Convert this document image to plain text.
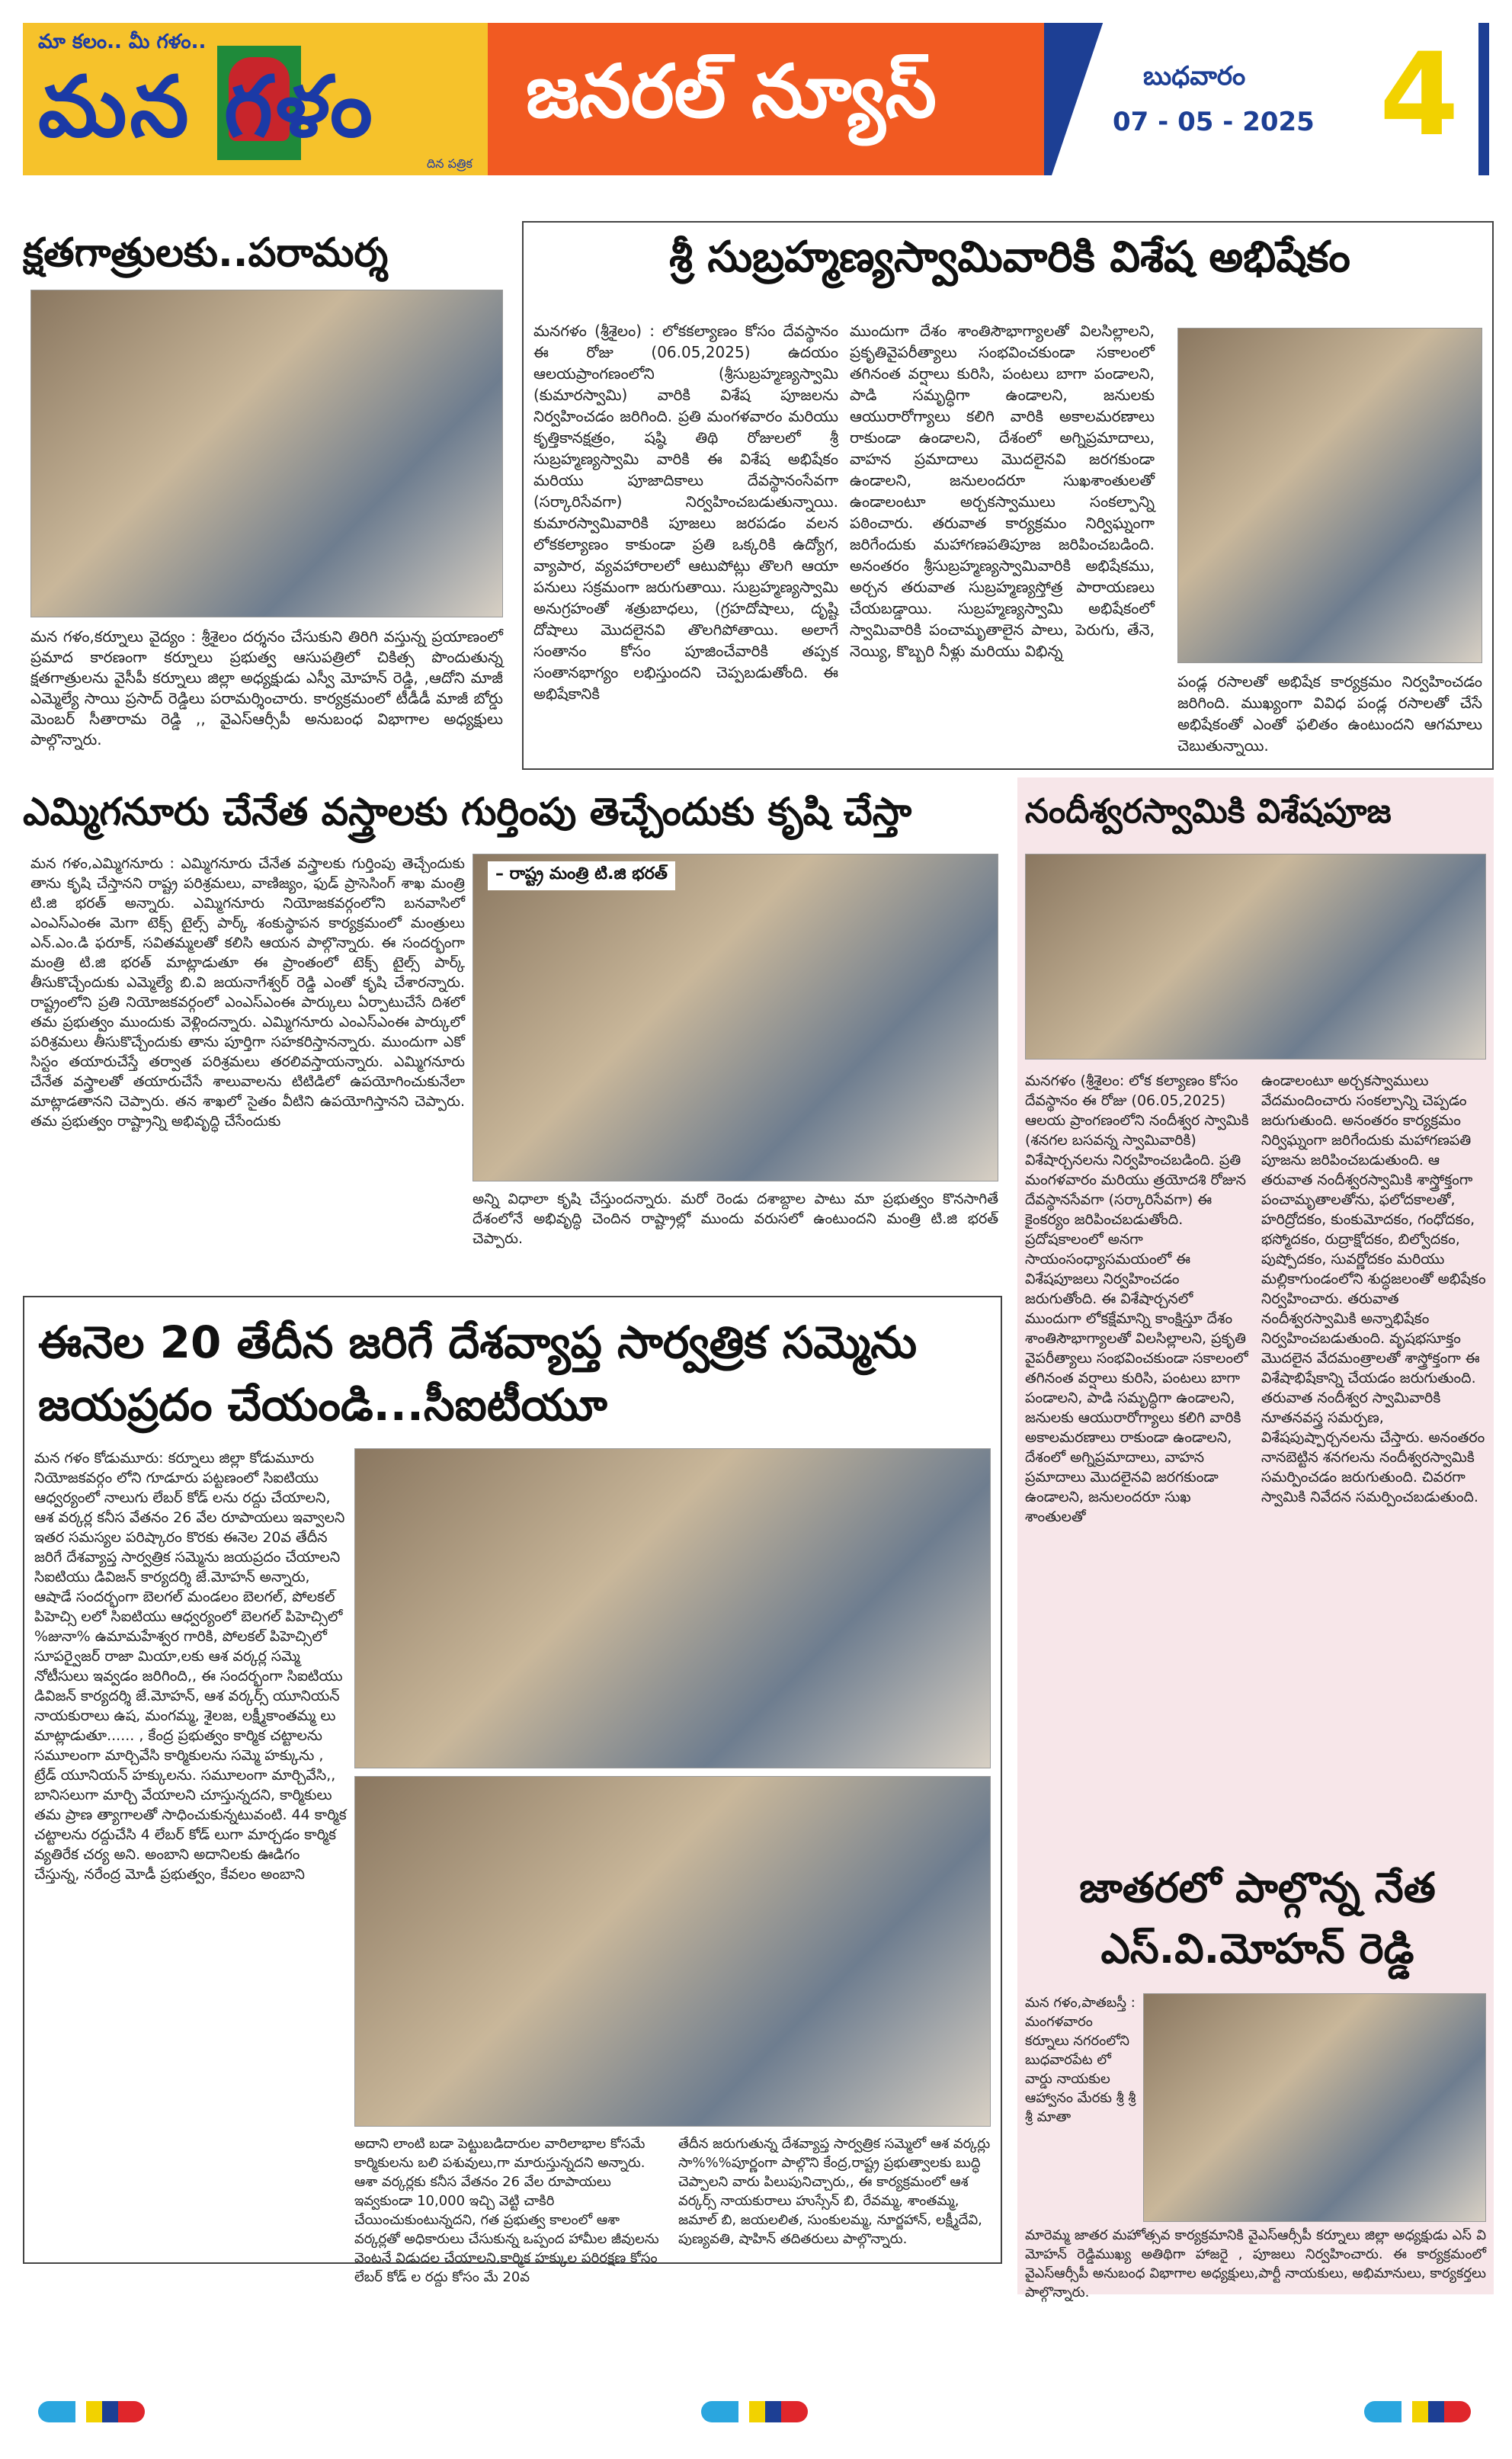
మా కలం.. మీ గళం..
మన గళం
దిన పత్రిక
జనరల్ న్యూస్	బుధవారం
07 - 05 - 2025 4
క్షతగాత్రులకు..పరామర్శ
మన గళం,కర్నూలు వైద్యం : శ్రీశైలం దర్శనం చేసుకుని తిరిగి వస్తున్న ప్రయాణంలో ప్రమాద కారణంగా కర్నూలు ప్రభుత్వ ఆసుపత్రిలో చికిత్స పొందుతున్న క్షతగాత్రులను వైసీపీ కర్నూలు జిల్లా అధ్యక్షుడు ఎస్వీ మోహన్ రెడ్డి, ,ఆదోని మాజీ ఎమ్మెల్యే సాయి ప్రసాద్ రెడ్డిలు పరామర్శించారు. కార్యక్రమంలో టీడీడీ మాజీ బోర్డు మెంబర్ సీతారామ రెడ్డి ,, వైఎస్ఆర్సీపీ అనుబంధ విభాగాల అధ్యక్షులు పాల్గొన్నారు.
శ్రీ సుబ్రహ్మణ్యస్వామివారికి విశేష అభిషేకం
మనగళం (శ్రీశైలం) : లోకకల్యాణం కోసం దేవస్థానం ఈ రోజు (06.05,2025) ఉదయం ఆలయప్రాంగణంలోని (శ్రీసుబ్రహ్మణ్యస్వామి (కుమారస్వామి) వారికి విశేష పూజలను నిర్వహించడం జరిగింది. ప్రతి మంగళవారం మరియు కృత్తికానక్షత్రం, షష్ఠి తిథి రోజులలో శ్రీ సుబ్రహ్మణ్యస్వామి వారికి ఈ విశేష అభిషేకం మరియు పూజాదికాలు దేవస్థానంసేవగా (సర్కారిసేవగా) నిర్వహించబడుతున్నాయి. కుమారస్వామివారికి పూజలు జరపడం వలన లోకకల్యాణం కాకుండా ప్రతి ఒక్కరికి ఉద్యోగ, వ్యాపార, వ్యవహారాలలో ఆటుపోట్లు తొలగి ఆయా పనులు సక్రమంగా జరుగుతాయి. సుబ్రహ్మణ్యస్వామి అనుగ్రహంతో శత్రుబాధలు, (గ్రహదోషాలు, దృష్టి దోషాలు మొదలైనవి తొలగిపోతాయి. అలాగే సంతానం కోసం పూజించేవారికి తప్పక సంతానభాగ్యం లభిస్తుందని చెప్పబడుతోంది. ఈ అభిషేకానికి
ముందుగా దేశం శాంతిసౌభాగ్యాలతో విలసిల్లాలని, ప్రకృతివైపరీత్యాలు సంభవించకుండా సకాలంలో తగినంత వర్షాలు కురిసి, పంటలు బాగా పండాలని, పాడి సమృద్ధిగా ఉండాలని, జనులకు ఆయురారోగ్యాలు కలిగి వారికి అకాలమరణాలు రాకుండా ఉండాలని, దేశంలో అగ్నిప్రమాదాలు, వాహన ప్రమాదాలు మొదలైనవి జరగకుండా ఉండాలని, జనులందరూ సుఖశాంతులతో ఉండాలంటూ అర్చకస్వాములు సంకల్పాన్ని పఠించారు. తరువాత కార్యక్రమం నిర్విఘ్నంగా జరిగేందుకు మహాగణపతిపూజ జరిపించబడింది. అనంతరం శ్రీసుబ్రహ్మణ్యస్వామివారికి అభిషేకము, అర్చన తరువాత సుబ్రహ్మణ్యస్తోత్ర పారాయణలు చేయబడ్డాయి. సుబ్రహ్మణ్యస్వామి అభిషేకంలో స్వామివారికి పంచామృతాలైన పాలు, పెరుగు, తేనె, నెయ్యి, కొబ్బరి నీళ్లు మరియు విభిన్న
పండ్ల రసాలతో అభిషేక కార్యక్రమం నిర్వహించడం జరిగింది. ముఖ్యంగా వివిధ పండ్ల రసాలతో చేసే అభిషేకంతో ఎంతో ఫలితం ఉంటుందని ఆగమాలు చెబుతున్నాయి.
ఎమ్మిగనూరు చేనేత వస్త్రాలకు గుర్తింపు తెచ్చేందుకు కృషి చేస్తా
మన గళం,ఎమ్మిగనూరు : ఎమ్మిగనూరు చేనేత వస్త్రాలకు గుర్తింపు తెచ్చేందుకు తాను కృషి చేస్తానని రాష్ట్ర పరిశ్రమలు, వాణిజ్యం, ఫుడ్ ప్రాసెసింగ్ శాఖ మంత్రి టి.జి భరత్ అన్నారు. ఎమ్మిగనూరు నియోజకవర్గంలోని బనవాసిలో ఎంఎస్ఎంఈ మెగా టెక్స్ టైల్స్ పార్క్ శంకుస్థాపన కార్యక్రమంలో మంత్రులు ఎన్.ఎం.డి ఫరూక్, సవితమ్మలతో కలిసి ఆయన పాల్గొన్నారు. ఈ సందర్భంగా మంత్రి టి.జి భరత్ మాట్లాడుతూ ఈ ప్రాంతంలో టెక్స్ టైల్స్ పార్క్ తీసుకొచ్చేందుకు ఎమ్మెల్యే బి.వి జయనాగేశ్వర్ రెడ్డి ఎంతో కృషి చేశారన్నారు. రాష్ట్రంలోని ప్రతి నియోజకవర్గంలో ఎంఎస్ఎంఈ పార్కులు ఏర్పాటుచేసే దిశలో తమ ప్రభుత్వం ముందుకు వెళ్లిందన్నారు. ఎమ్మిగనూరు ఎంఎస్ఎంఈ పార్కులో పరిశ్రమలు తీసుకొచ్చేందుకు తాను పూర్తిగా సహకరిస్తానన్నారు. ముందుగా ఎకో సిస్టం తయారుచేస్తే తర్వాత పరిశ్రమలు తరలివస్తాయన్నారు. ఎమ్మిగనూరు చేనేత వస్త్రాలతో తయారుచేసే శాలువాలను టిటిడిలో ఉపయోగించుకునేలా మాట్లాడతానని చెప్పారు. తన శాఖలో సైతం వీటిని ఉపయోగిస్తానని చెప్పారు. తమ ప్రభుత్వం రాష్ట్రాన్ని అభివృద్ధి చేసేందుకు
– రాష్ట్ర మంత్రి టి.జి భరత్
అన్ని విధాలా కృషి చేస్తుందన్నారు. మరో రెండు దశాబ్దాల పాటు మా ప్రభుత్వం కొనసాగితే దేశంలోనే అభివృద్ధి చెందిన రాష్ట్రాల్లో ముందు వరుసలో ఉంటుందని మంత్రి టి.జి భరత్ చెప్పారు.
నందీశ్వరస్వామికి విశేషపూజ
మనగళం (శ్రీశైలం: లోక కల్యాణం కోసం దేవస్థానం ఈ రోజు (06.05,2025) ఆలయ ప్రాంగణంలోని నందీశ్వర స్వామికి (శనగల బసవన్న స్వామివారికి) విశేషార్చనలను నిర్వహించబడింది. ప్రతి మంగళవారం మరియు త్రయోదశి రోజున దేవస్థానసేవగా (సర్కారిసేవగా) ఈ కైంకర్యం జరిపించబడుతోంది. ప్రదోషకాలంలో అనగా సాయంసంధ్యాసమయంలో ఈ విశేషపూజలు నిర్వహించడం జరుగుతోంది. ఈ విశేషార్చనలో ముందుగా లోకక్షేమాన్ని కాంక్షిస్తూ దేశం శాంతిసౌభాగ్యాలతో విలసిల్లాలని, ప్రకృతి వైపరీత్యాలు సంభవించకుండా సకాలంలో తగినంత వర్షాలు కురిసి, పంటలు బాగా పండాలని, పాడి సమృద్ధిగా ఉండాలని, జనులకు ఆయురారోగ్యాలు కలిగి వారికి అకాలమరణాలు రాకుండా ఉండాలని, దేశంలో అగ్నిప్రమాదాలు, వాహన ప్రమాదాలు మొదలైనవి జరగకుండా ఉండాలని, జనులందరూ సుఖ శాంతులతో
ఉండాలంటూ అర్చకస్వాములు వేదమందించారు సంకల్పాన్ని చెప్పడం జరుగుతుంది. అనంతరం కార్యక్రమం నిర్విఘ్నంగా జరిగేందుకు మహాగణపతి పూజను జరిపించబడుతుంది. ఆ తరువాత నందీశ్వరస్వామికి శాస్త్రోక్తంగా పంచామృతాలతోను, ఫలోదకాలతో, హరిద్రోదకం, కుంకుమోదకం, గంధోదకం, భస్మోదకం, రుద్రాక్షోదకం, బిల్వోదకం, పుష్పోదకం, సువర్ణోదకం మరియు మల్లికాగుండంలోని శుద్ధజలంతో అభిషేకం నిర్వహించారు. తరువాత నందీశ్వరస్వామికి అన్నాభిషేకం నిర్వహించబడుతుంది. వృషభసూక్తం మొదలైన వేదమంత్రాలతో శాస్త్రోక్తంగా ఈ విశేషాభిషేకాన్ని చేయడం జరుగుతుంది. తరువాత నందీశ్వర స్వామివారికి నూతనవస్త్ర సమర్పణ, విశేషపుష్పార్చనలను చేస్తారు. అనంతరం నానబెట్టిన శనగలను నందీశ్వరస్వామికి సమర్పించడం జరుగుతుంది. చివరగా స్వామికి నివేదన సమర్పించబడుతుంది.
ఈనెల 20 తేదీన జరిగే దేశవ్యాప్త సార్వత్రిక సమ్మెను జయప్రదం చేయండి...సీఐటీయూ
మన గళం కోడుమూరు: కర్నూలు జిల్లా కోడుమూరు నియోజకవర్గం లోని గూడూరు పట్టణంలో సిఐటియు ఆధ్వర్యంలో నాలుగు లేబర్ కోడ్ లను రద్దు చేయాలని, ఆశ వర్కర్ల కనీస వేతనం 26 వేల రూపాయలు ఇవ్వాలని ఇతర సమస్యల పరిష్కారం కొరకు ఈనెల 20వ తేదీన జరిగే దేశవ్యాప్త సార్వత్రిక సమ్మెను జయప్రదం చేయాలని సిఐటియు డివిజన్ కార్యదర్శి జే.మోహన్ అన్నారు, ఆషాడే సందర్భంగా బెలగల్ మండలం బెలగల్, పోలకల్ పిహెచ్సి లలో సిఐటియు ఆధ్వర్యంలో బెలగల్ పిహెచ్సిలో %జునా% ఉమామహేశ్వర గారికి, పోలకల్ పిహెచ్సిలో సూపర్వైజర్ రాజా మియా,లకు ఆశ వర్కర్ల సమ్మె నోటీసులు ఇవ్వడం జరిగింది,, ఈ సందర్భంగా సిఐటియు డివిజన్ కార్యదర్శి జే.మోహన్, ఆశ వర్కర్స్ యూనియన్ నాయకురాలు ఉష, మంగమ్మ, శైలజ, లక్ష్మీకాంతమ్మ లు మాట్లాడుతూ...... , కేంద్ర ప్రభుత్వం కార్మిక చట్టాలను సమూలంగా మార్చివేసి కార్మికులను సమ్మె హక్కును , ట్రేడ్ యూనియన్ హక్కులను. సమూలంగా మార్చివేసి,, బానిసలుగా మార్చి వేయాలని చూస్తున్నదని, కార్మికులు తమ ప్రాణ త్యాగాలతో సాధించుకున్నటువంటి. 44 కార్మిక చట్టాలను రద్దుచేసి 4 లేబర్ కోడ్ లుగా మార్చడం కార్మిక వ్యతిరేక చర్య అని. అంబాని అదానిలకు ఊడిగం చేస్తున్న, నరేంద్ర మోడీ ప్రభుత్వం, కేవలం అంబాని
అదాని లాంటి బడా పెట్టుబడిదారుల వారిలాభాల కోసమే కార్మికులను బలి పశువులు,గా మారుస్తున్నదని అన్నారు. ఆశా వర్కర్లకు కనీస వేతనం 26 వేల రూపాయలు ఇవ్వకుండా 10,000 ఇచ్చి వెట్టి చాకిరి చేయించుకుంటున్నదని, గత ప్రభుత్వ కాలంలో ఆశా వర్కర్లతో అధికారులు చేసుకున్న ఒప్పంద హామీల జీవులను వెంటనే విడుదల చేయాలని,కార్మిక హక్కుల పరిరక్షణ కోసం లేబర్ కోడ్ ల రద్దు కోసం మే 20వ
తేదీన జరుగుతున్న దేశవ్యాప్త సార్వత్రిక సమ్మెలో ఆశ వర్కర్లు సా%%%పూర్ణంగా పాల్గొని కేంద్ర,రాష్ట్ర ప్రభుత్వాలకు బుద్ధి చెప్పాలని వారు పిలుపునిచ్చారు,, ఈ కార్యక్రమంలో ఆశ వర్కర్స్ నాయకురాలు హుస్సేన్ బి, రేవమ్మ, శాంతమ్మ, జమాల్ బి, జయలలిత, సుంకులమ్మ, నూర్జహాన్, లక్ష్మీదేవి, పుణ్యవతి, షాహిన్ తదితరులు పాల్గొన్నారు.
జాతరలో పాల్గొన్న నేత
ఎస్.వి.మోహన్ రెడ్డి
మన గళం,పాతబస్తీ : మంగళవారం కర్నూలు నగరంలోని బుధవారపేట లో వార్డు నాయకుల ఆహ్వానం మేరకు శ్రీ శ్రీ శ్రీ మాతా
మారెమ్మ జాతర మహోత్సవ కార్యక్రమానికి వైఎస్ఆర్సీపీ కర్నూలు జిల్లా అధ్యక్షుడు ఎస్ వి మోహన్ రెడ్డిముఖ్య అతిథిగా హాజరై , పూజలు నిర్వహించారు. ఈ కార్యక్రమంలో వైఎస్ఆర్సీపీ అనుబంధ విభాగాల అధ్యక్షులు,పార్టీ నాయకులు, అభిమానులు, కార్యకర్తలు పాల్గొన్నారు.
